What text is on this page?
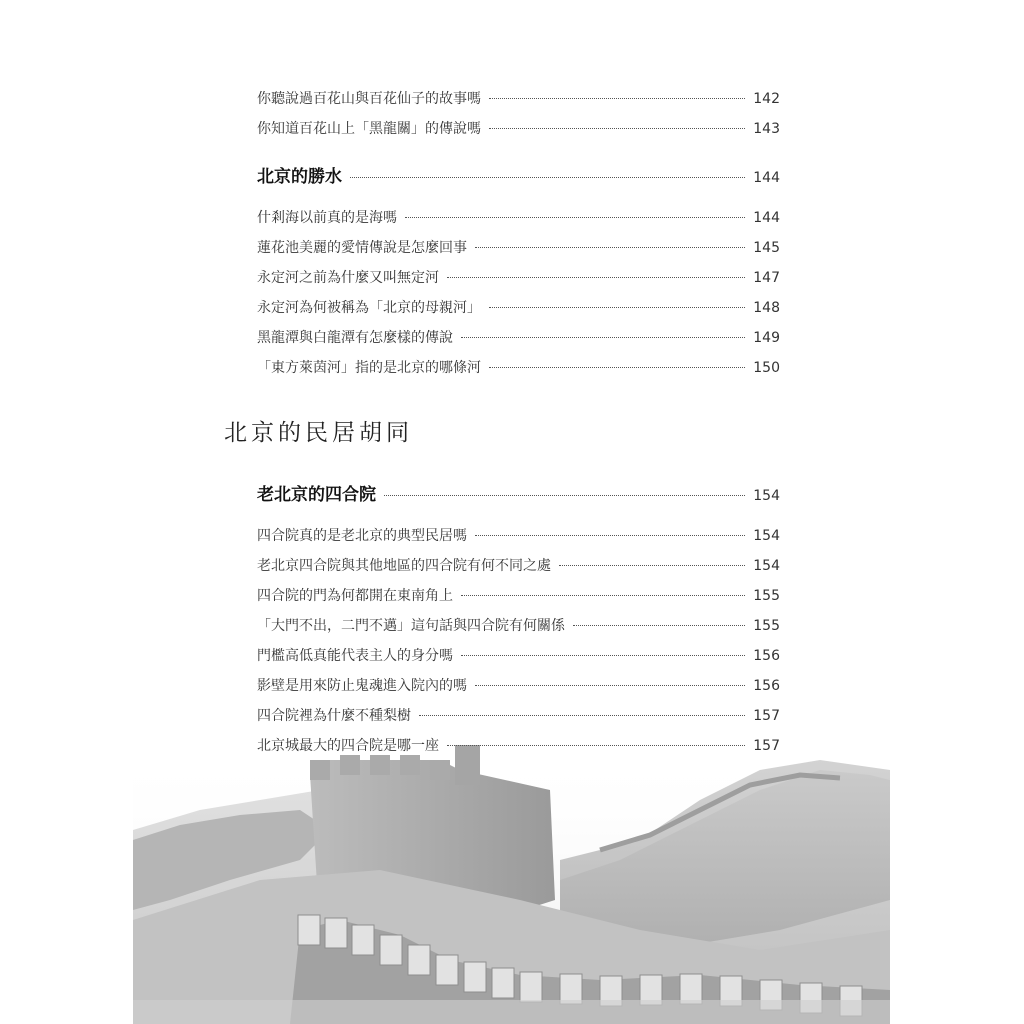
你聽說過百花山與百花仙子的故事嗎	142
你知道百花山上「黑龍關」的傳說嗎	143
北京的勝水	144
什剎海以前真的是海嗎	144
蓮花池美麗的愛情傳說是怎麼回事	145
永定河之前為什麼又叫無定河	147
永定河為何被稱為「北京的母親河」	148
黑龍潭與白龍潭有怎麼樣的傳說	149
「東方萊茵河」指的是北京的哪條河	150
北京的民居胡同
老北京的四合院	154
四合院真的是老北京的典型民居嗎	154
老北京四合院與其他地區的四合院有何不同之處	154
四合院的門為何都開在東南角上	155
「大門不出，二門不邁」這句話與四合院有何關係	155
門檻高低真能代表主人的身分嗎	156
影壁是用來防止鬼魂進入院內的嗎	156
四合院裡為什麼不種梨樹	157
北京城最大的四合院是哪一座	157
